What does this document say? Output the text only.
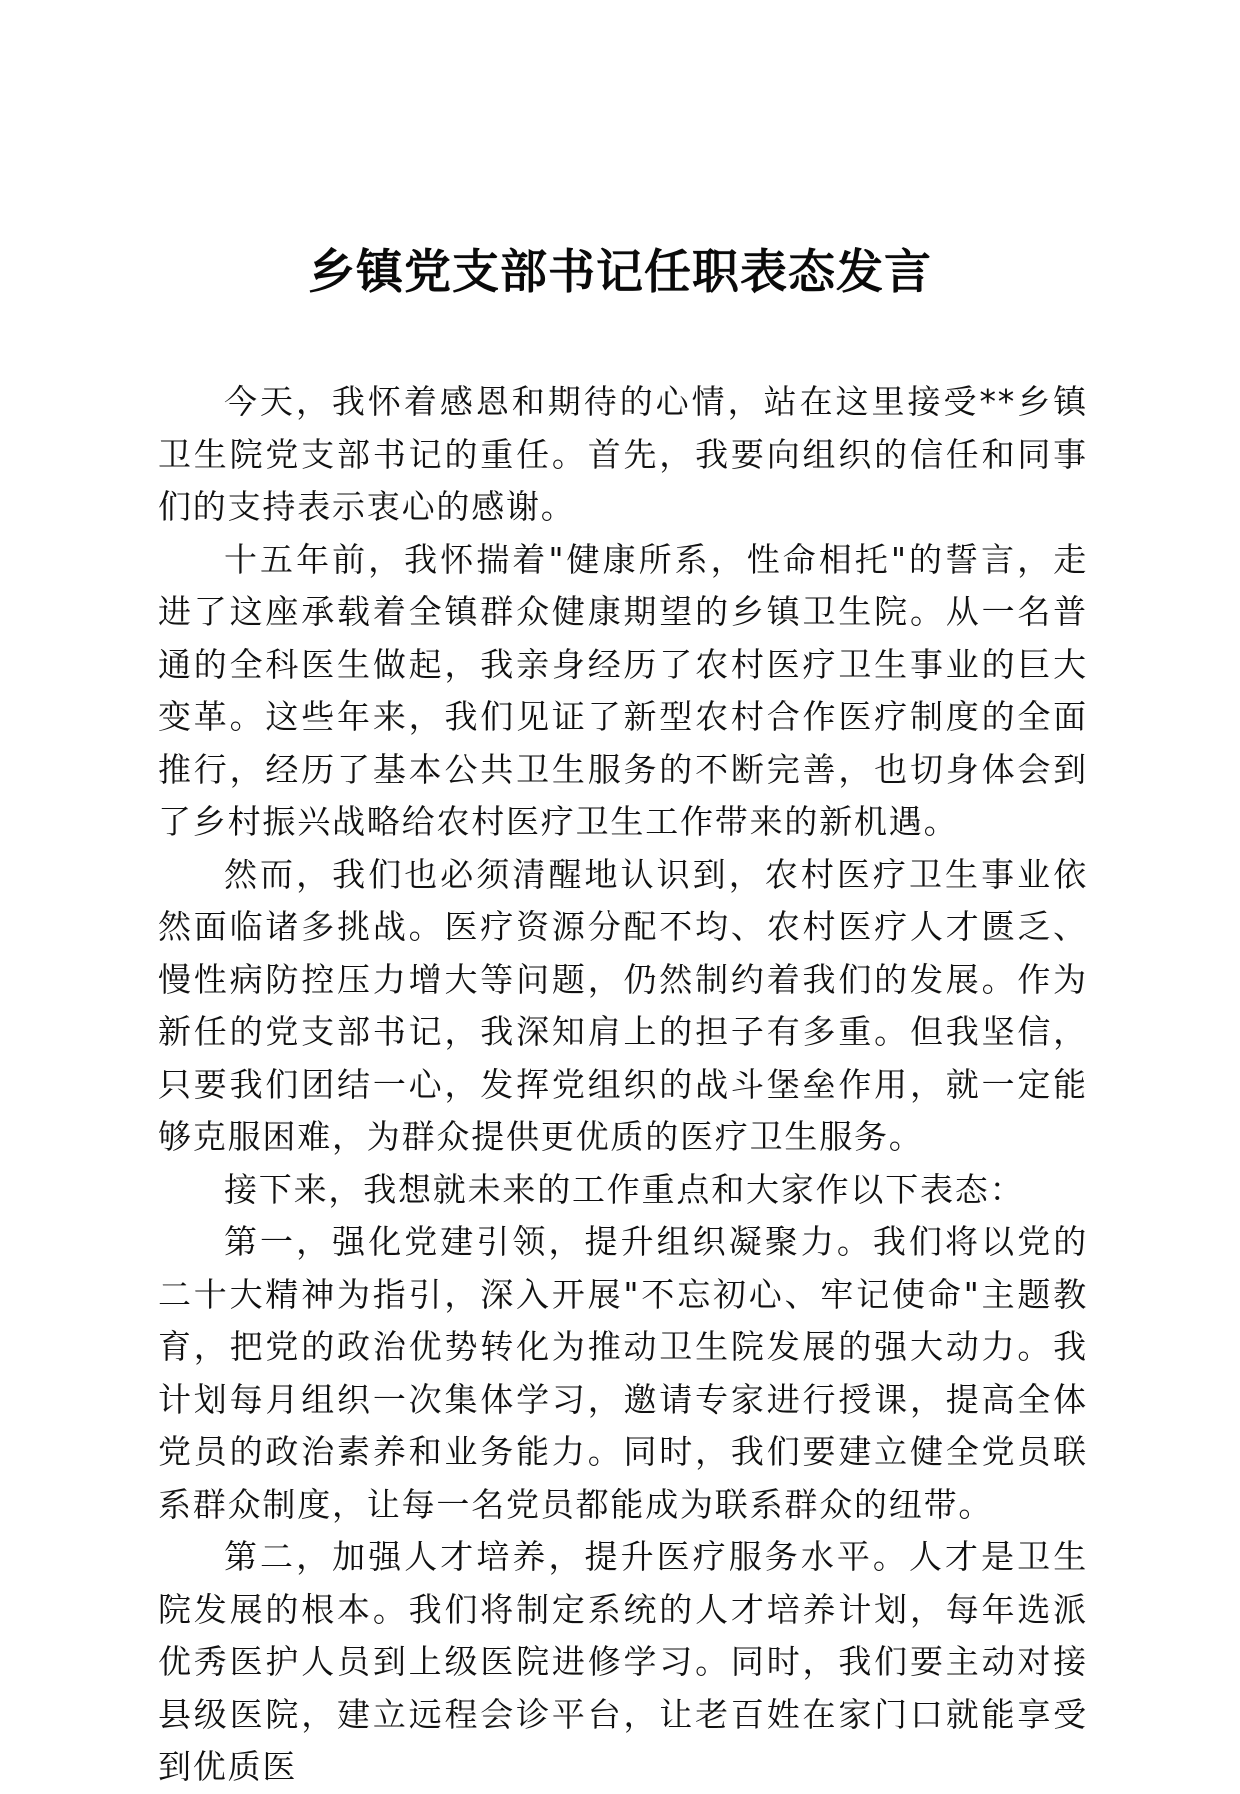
乡镇党支部书记任职表态发言

今天，我怀着感恩和期待的心情，站在这里接受**乡镇卫生院党支部书记的重任。首先，我要向组织的信任和同事们的支持表示衷心的感谢。

十五年前，我怀揣着"健康所系，性命相托"的誓言，走进了这座承载着全镇群众健康期望的乡镇卫生院。从一名普通的全科医生做起，我亲身经历了农村医疗卫生事业的巨大变革。这些年来，我们见证了新型农村合作医疗制度的全面推行，经历了基本公共卫生服务的不断完善，也切身体会到了乡村振兴战略给农村医疗卫生工作带来的新机遇。

然而，我们也必须清醒地认识到，农村医疗卫生事业依然面临诸多挑战。医疗资源分配不均、农村医疗人才匮乏、慢性病防控压力增大等问题，仍然制约着我们的发展。作为新任的党支部书记，我深知肩上的担子有多重。但我坚信，只要我们团结一心，发挥党组织的战斗堡垒作用，就一定能够克服困难，为群众提供更优质的医疗卫生服务。

接下来，我想就未来的工作重点和大家作以下表态：

第一，强化党建引领，提升组织凝聚力。我们将以党的二十大精神为指引，深入开展"不忘初心、牢记使命"主题教育，把党的政治优势转化为推动卫生院发展的强大动力。我计划每月组织一次集体学习，邀请专家进行授课，提高全体党员的政治素养和业务能力。同时，我们要建立健全党员联系群众制度，让每一名党员都能成为联系群众的纽带。

第二，加强人才培养，提升医疗服务水平。人才是卫生院发展的根本。我们将制定系统的人才培养计划，每年选派优秀医护人员到上级医院进修学习。同时，我们要主动对接县级医院，建立远程会诊平台，让老百姓在家门口就能享受到优质医
